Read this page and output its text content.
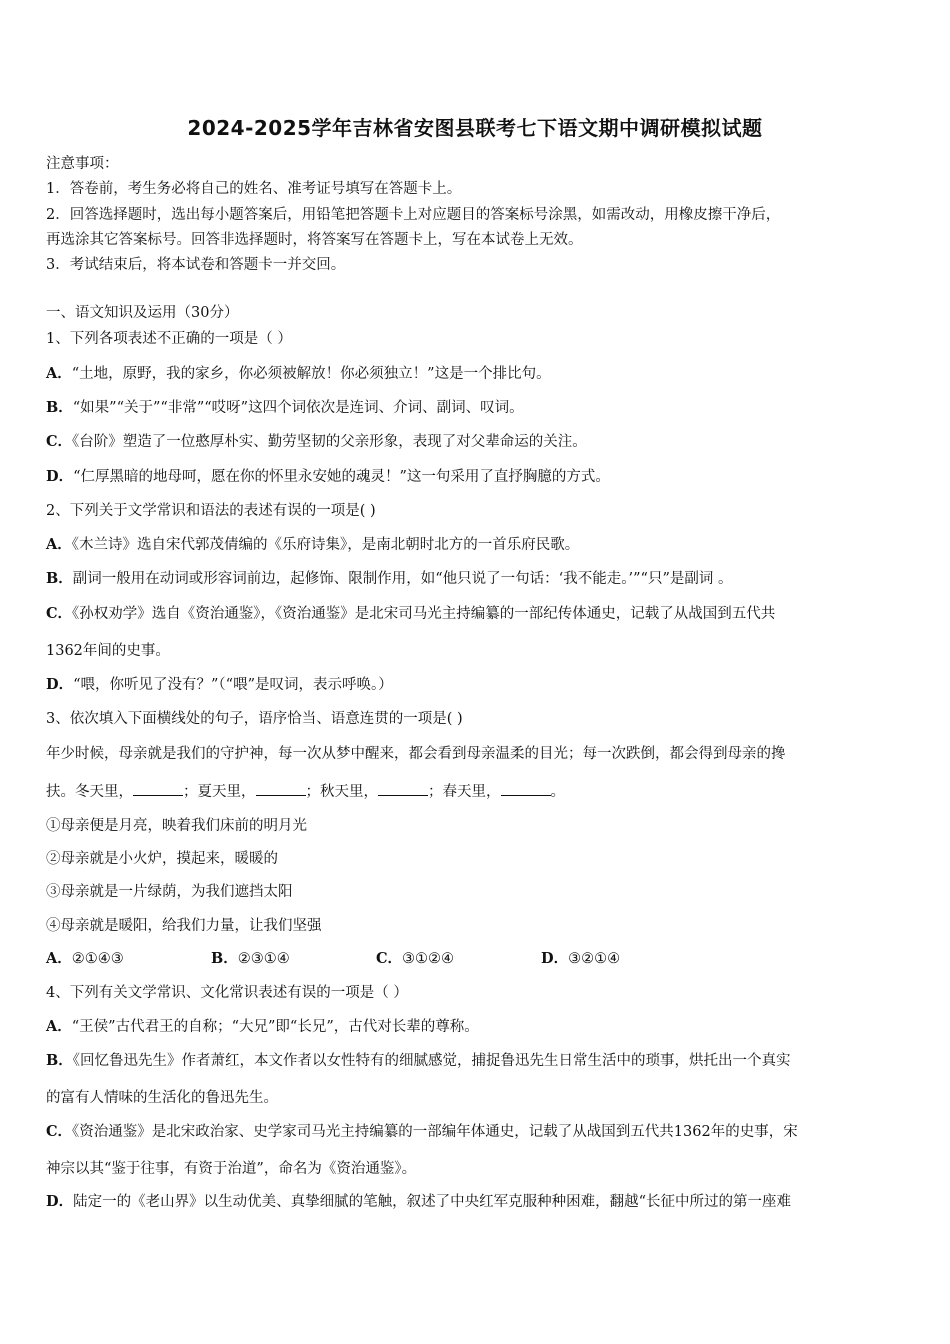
2024-2025学年吉林省安图县联考七下语文期中调研模拟试题
注意事项：
1．答卷前，考生务必将自己的姓名、准考证号填写在答题卡上。
2．回答选择题时，选出每小题答案后，用铅笔把答题卡上对应题目的答案标号涂黑，如需改动，用橡皮擦干净后，
再选涂其它答案标号。回答非选择题时，将答案写在答题卡上，写在本试卷上无效。
3．考试结束后，将本试卷和答题卡一并交回。
一、语文知识及运用（30分）
1、下列各项表述不正确的一项是（ ）
A．“土地，原野，我的家乡，你必须被解放！你必须独立！”这是一个排比句。
B．“如果”“关于”“非常”“哎呀”这四个词依次是连词、介词、副词、叹词。
C．《台阶》塑造了一位憨厚朴实、勤劳坚韧的父亲形象，表现了对父辈命运的关注。
D．“仁厚黑暗的地母呵，愿在你的怀里永安她的魂灵！”这一句采用了直抒胸臆的方式。
2、下列关于文学常识和语法的表述有误的一项是( )
A．《木兰诗》选自宋代郭茂倩编的《乐府诗集》，是南北朝时北方的一首乐府民歌。
B．副词一般用在动词或形容词前边，起修饰、限制作用，如“他只说了一句话：‘我不能走。’”“只”是副词 。
C．《孙权劝学》选自《资治通鉴》，《资治通鉴》是北宋司马光主持编纂的一部纪传体通史，记载了从战国到五代共
1362年间的史事。
D．“喂，你听见了没有？”（“喂”是叹词，表示呼唤。）
3、依次填入下面横线处的句子，语序恰当、语意连贯的一项是( )
年少时候，母亲就是我们的守护神，每一次从梦中醒来，都会看到母亲温柔的目光；每一次跌倒，都会得到母亲的搀
扶。冬天里，	；夏天里，	；秋天里，	；春天里，	。
①母亲便是月亮，映着我们床前的明月光
②母亲就是小火炉，摸起来，暖暖的
③母亲就是一片绿荫，为我们遮挡太阳
④母亲就是暖阳，给我们力量，让我们坚强
A．②①④③	B．②③①④	C．③①②④	D．③②①④
4、下列有关文学常识、文化常识表述有误的一项是（ ）
A．“王侯”古代君王的自称；“大兄”即“长兄”，古代对长辈的尊称。
B．《回忆鲁迅先生》作者萧红，本文作者以女性特有的细腻感觉，捕捉鲁迅先生日常生活中的琐事，烘托出一个真实
的富有人情味的生活化的鲁迅先生。
C．《资治通鉴》是北宋政治家、史学家司马光主持编纂的一部编年体通史，记载了从战国到五代共1362年的史事，宋
神宗以其“鉴于往事，有资于治道”，命名为《资治通鉴》。
D．陆定一的《老山界》以生动优美、真挚细腻的笔触，叙述了中央红军克服种种困难，翻越“长征中所过的第一座难
